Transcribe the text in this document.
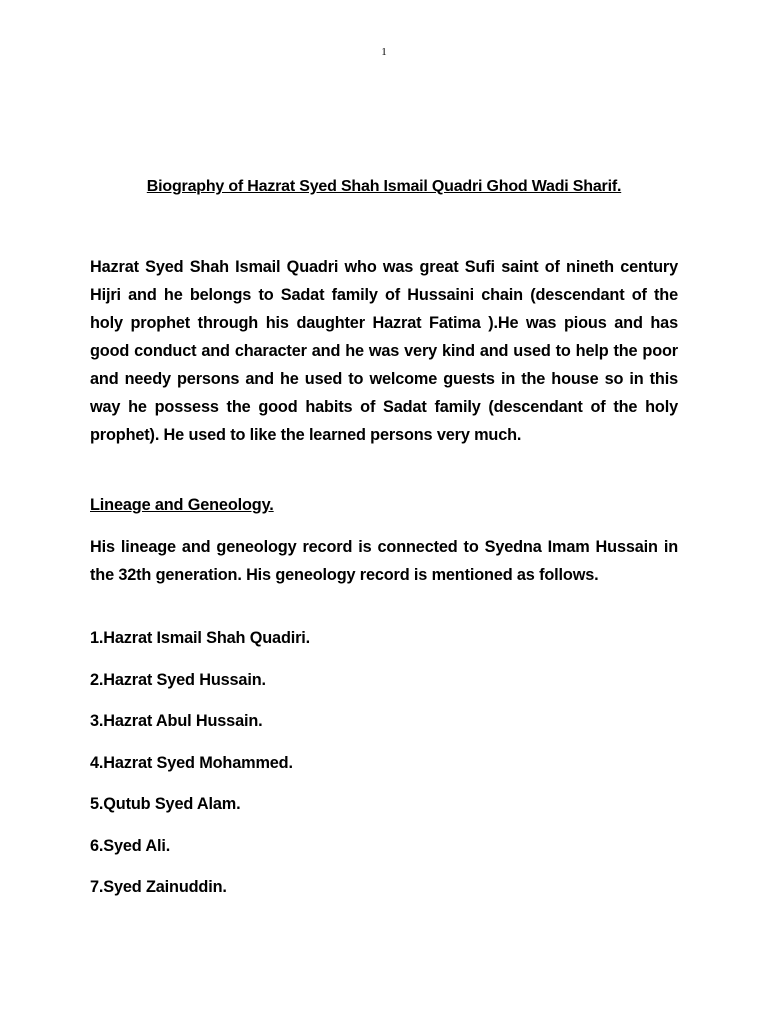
1
Biography of Hazrat Syed Shah Ismail Quadri Ghod Wadi Sharif.

Hazrat Syed Shah Ismail Quadri who was great Sufi saint of nineth century Hijri and he belongs to Sadat family of Hussaini chain (descendant of the holy prophet through his daughter Hazrat Fatima ).He was pious and has good conduct and character and he was very kind and used to help the poor and needy persons and he used to welcome guests in the house so in this way he possess the good habits of Sadat family (descendant of the holy prophet). He used to like the learned persons very much.

Lineage and Geneology.

His lineage and geneology record is connected to Syedna Imam Hussain in the 32th generation. His geneology record is mentioned as follows.

1.Hazrat Ismail Shah Quadiri.
2.Hazrat Syed Hussain.
3.Hazrat Abul Hussain.
4.Hazrat Syed Mohammed.
5.Qutub Syed Alam.
6.Syed Ali.
7.Syed Zainuddin.
